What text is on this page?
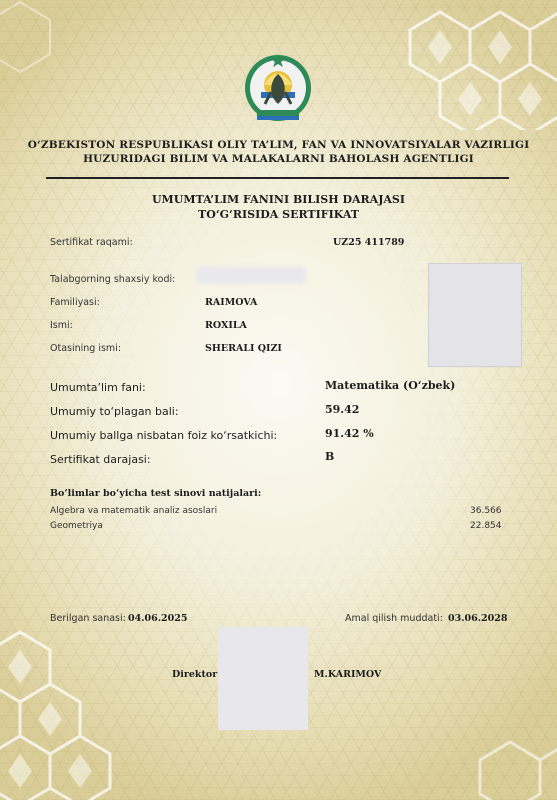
O‘ZBEKISTON RESPUBLIKASI OLIY TA’LIM, FAN VA INNOVATSIYALAR VAZIRLIGI
HUZURIDAGI BILIM VA MALAKALARNI BAHOLASH AGENTLIGI
UMUMTA’LIM FANINI BILISH DARAJASI
TO‘G‘RISIDA SERTIFIKAT
Sertifikat raqami:	UZ25 411789
Talabgorning shaxsiy kodi:
Familiyasi:	RAIMOVA
Ismi:	ROXILA
Otasining ismi:	SHERALI QIZI
Umumta’lim fani:	Matematika (O‘zbek)
Umumiy to‘plagan bali:	59.42
Umumiy ballga nisbatan foiz ko‘rsatkichi:	91.42 %
Sertifikat darajasi:	B
Bo‘limlar bo‘yicha test sinovi natijalari:
Algebra va matematik analiz asoslari	36.566
Geometriya	22.854
Berilgan sanasi: 04.06.2025	Amal qilish muddati: 03.06.2028
Direktor	M.KARIMOV
